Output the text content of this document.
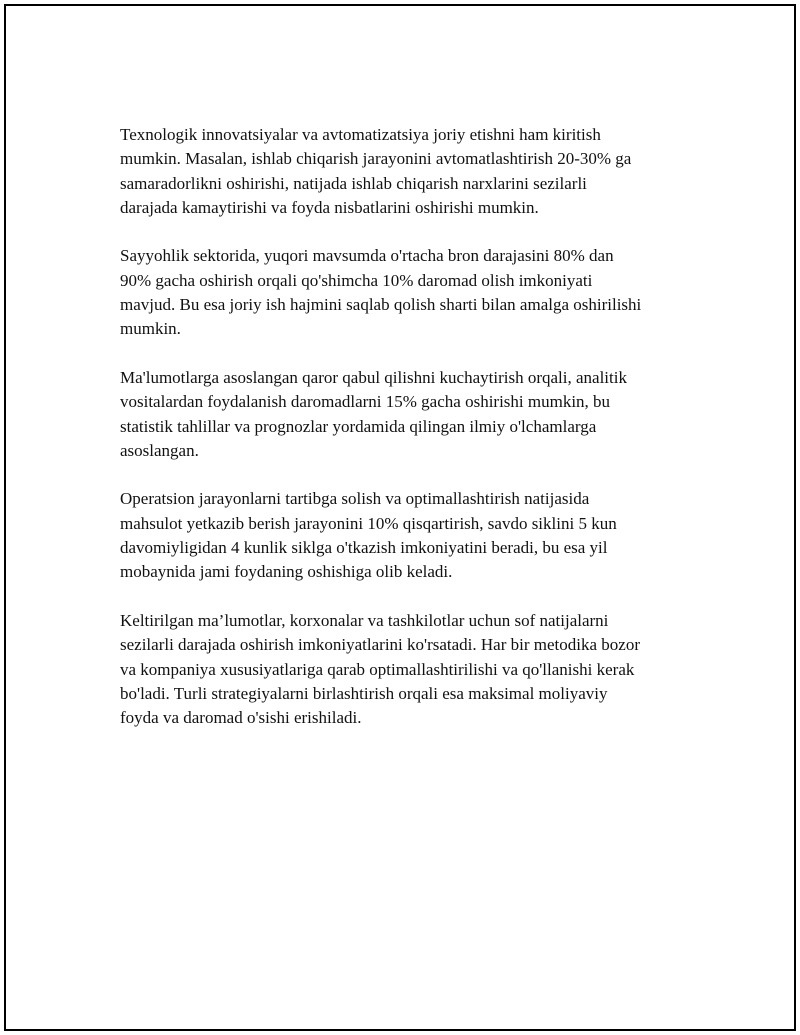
Texnologik innovatsiyalar va avtomatizatsiya joriy etishni ham kiritish
mumkin. Masalan, ishlab chiqarish jarayonini avtomatlashtirish 20-30% ga
samaradorlikni oshirishi, natijada ishlab chiqarish narxlarini sezilarli
darajada kamaytirishi va foyda nisbatlarini oshirishi mumkin.

Sayyohlik sektorida, yuqori mavsumda o'rtacha bron darajasini 80% dan
90% gacha oshirish orqali qo'shimcha 10% daromad olish imkoniyati
mavjud. Bu esa joriy ish hajmini saqlab qolish sharti bilan amalga oshirilishi
mumkin.

Ma'lumotlarga asoslangan qaror qabul qilishni kuchaytirish orqali, analitik
vositalardan foydalanish daromadlarni 15% gacha oshirishi mumkin, bu
statistik tahlillar va prognozlar yordamida qilingan ilmiy o'lchamlarga
asoslangan.

Operatsion jarayonlarni tartibga solish va optimallashtirish natijasida
mahsulot yetkazib berish jarayonini 10% qisqartirish, savdo siklini 5 kun
davomiyligidan 4 kunlik siklga o'tkazish imkoniyatini beradi, bu esa yil
mobaynida jami foydaning oshishiga olib keladi.

Keltirilgan ma’lumotlar, korxonalar va tashkilotlar uchun sof natijalarni
sezilarli darajada oshirish imkoniyatlarini ko'rsatadi. Har bir metodika bozor
va kompaniya xususiyatlariga qarab optimallashtirilishi va qo'llanishi kerak
bo'ladi. Turli strategiyalarni birlashtirish orqali esa maksimal moliyaviy
foyda va daromad o'sishi erishiladi.
